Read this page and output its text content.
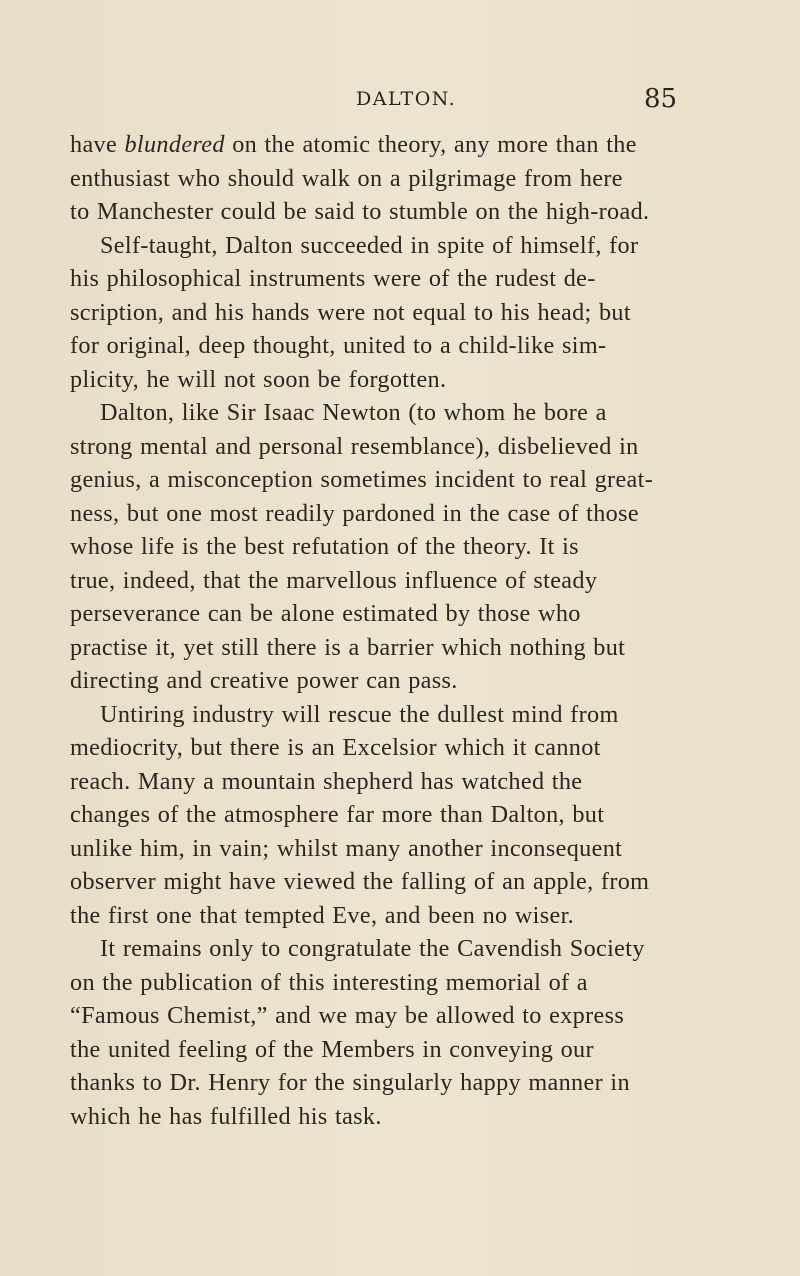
DALTON.	85
have blundered on the atomic theory, any more than the
enthusiast who should walk on a pilgrimage from here
to Manchester could be said to stumble on the high-road.
Self-taught, Dalton succeeded in spite of himself, for
his philosophical instruments were of the rudest de-
scription, and his hands were not equal to his head; but
for original, deep thought, united to a child-like sim-
plicity, he will not soon be forgotten.
Dalton, like Sir Isaac Newton (to whom he bore a
strong mental and personal resemblance), disbelieved in
genius, a misconception sometimes incident to real great-
ness, but one most readily pardoned in the case of those
whose life is the best refutation of the theory. It is
true, indeed, that the marvellous influence of steady
perseverance can be alone estimated by those who
practise it, yet still there is a barrier which nothing but
directing and creative power can pass.
Untiring industry will rescue the dullest mind from
mediocrity, but there is an Excelsior which it cannot
reach. Many a mountain shepherd has watched the
changes of the atmosphere far more than Dalton, but
unlike him, in vain; whilst many another inconsequent
observer might have viewed the falling of an apple, from
the first one that tempted Eve, and been no wiser.
It remains only to congratulate the Cavendish Society
on the publication of this interesting memorial of a
“Famous Chemist,” and we may be allowed to express
the united feeling of the Members in conveying our
thanks to Dr. Henry for the singularly happy manner in
which he has fulfilled his task.
